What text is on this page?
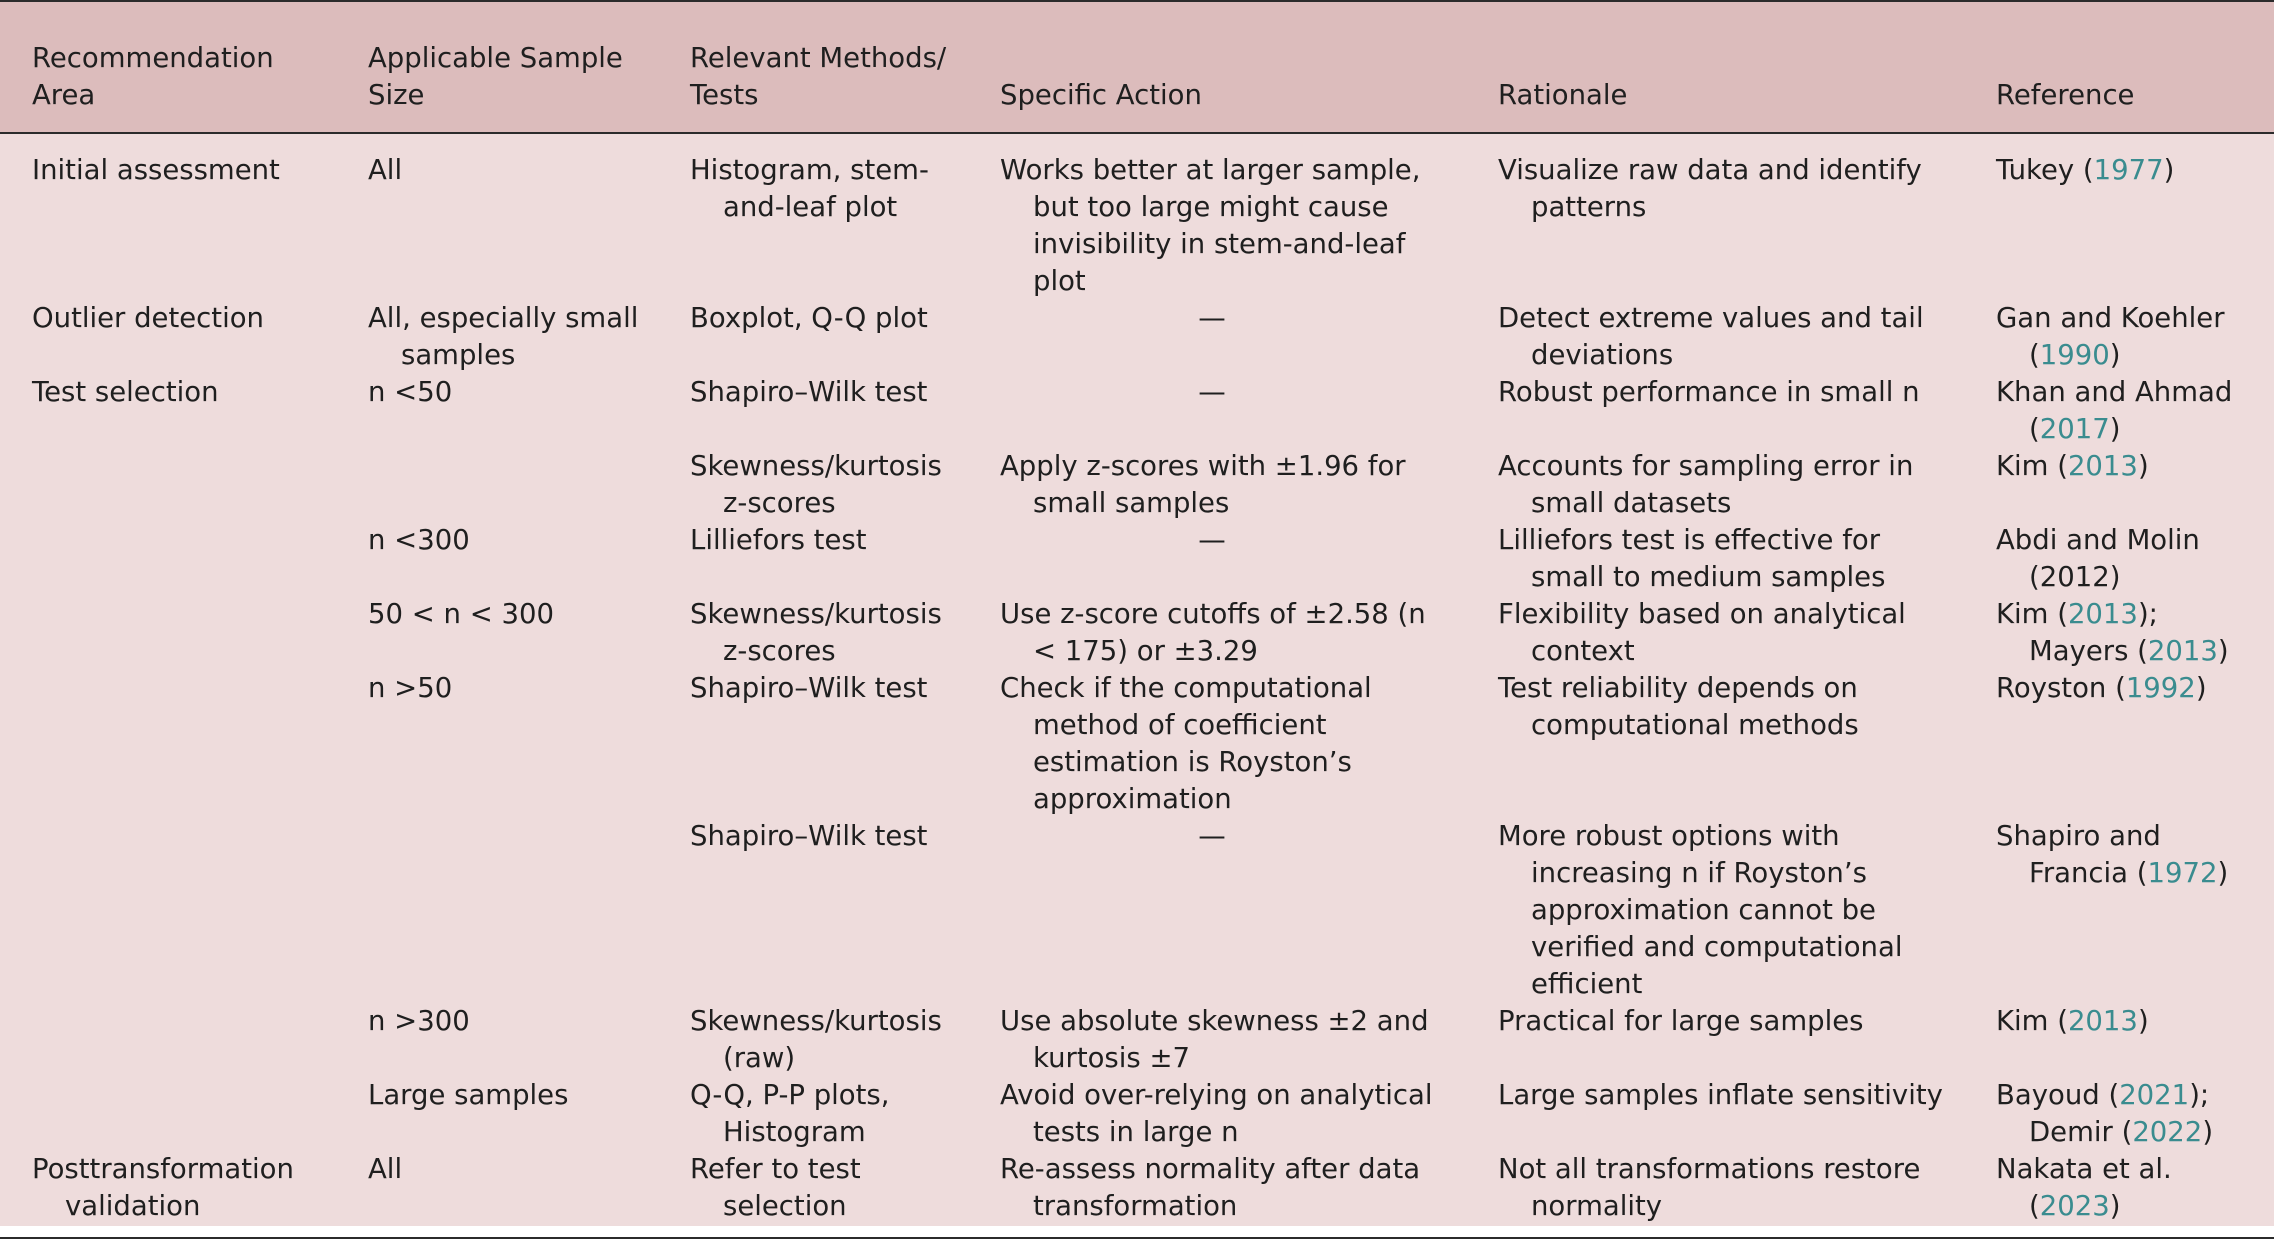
Recommendation Area	Applicable Sample Size	Relevant Methods/ Tests	Specific Action	Rationale	Reference

Initial assessment	All	Histogram, stem-and-leaf plot	Works better at larger sample, but too large might cause invisibility in stem-and-leaf plot	Visualize raw data and identify patterns	Tukey (1977)

Outlier detection	All, especially small samples	Boxplot, Q-Q plot	—	Detect extreme values and tail deviations	Gan and Koehler (1990)

Test selection	n <50	Shapiro–Wilk test	—	Robust performance in small n	Khan and Ahmad (2017)

		Skewness/kurtosis z-scores	Apply z-scores with ±1.96 for small samples	Accounts for sampling error in small datasets	Kim (2013)

	n <300	Lilliefors test	—	Lilliefors test is effective for small to medium samples	Abdi and Molin (2012)

	50 < n < 300	Skewness/kurtosis z-scores	Use z-score cutoffs of ±2.58 (n < 175) or ±3.29	Flexibility based on analytical context	Kim (2013); Mayers (2013)

	n >50	Shapiro–Wilk test	Check if the computational method of coefficient estimation is Royston’s approximation	Test reliability depends on computational methods	Royston (1992)

		Shapiro–Wilk test	—	More robust options with increasing n if Royston’s approximation cannot be verified and computational efficient	Shapiro and Francia (1972)

	n >300	Skewness/kurtosis (raw)	Use absolute skewness ±2 and kurtosis ±7	Practical for large samples	Kim (2013)

	Large samples	Q-Q, P-P plots, Histogram	Avoid over-relying on analytical tests in large n	Large samples inflate sensitivity	Bayoud (2021); Demir (2022)

Posttransformation validation	All	Refer to test selection	Re-assess normality after data transformation	Not all transformations restore normality	Nakata et al. (2023)
